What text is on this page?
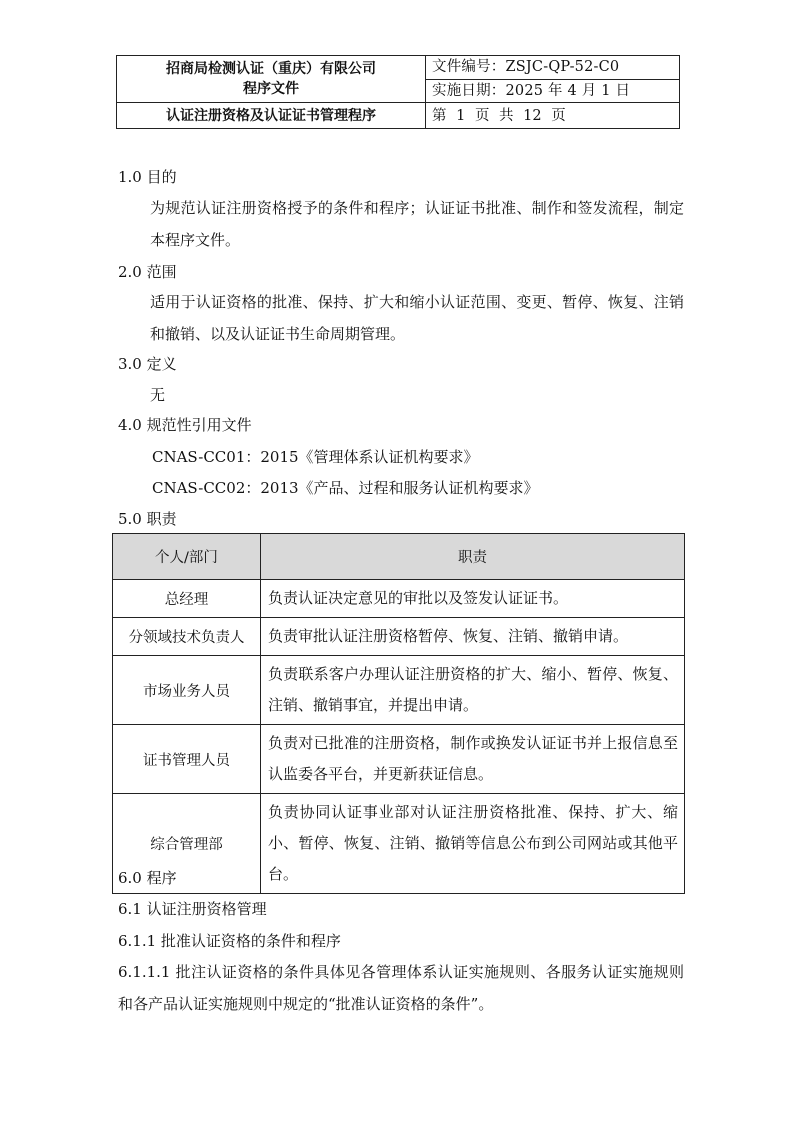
招商局检测认证（重庆）有限公司
程序文件	文件编号：ZSJC-QP-52-C0
	实施日期：2025 年 4 月 1 日
认证注册资格及认证证书管理程序	第 1 页 共 12 页
1.0 目的
为规范认证注册资格授予的条件和程序；认证证书批准、制作和签发流程，制定本程序文件。
2.0 范围
适用于认证资格的批准、保持、扩大和缩小认证范围、变更、暂停、恢复、注销和撤销、以及认证证书生命周期管理。
3.0 定义
无
4.0 规范性引用文件
CNAS-CC01：2015《管理体系认证机构要求》
CNAS-CC02：2013《产品、过程和服务认证机构要求》
5.0 职责
个人/部门	职责
总经理	负责认证决定意见的审批以及签发认证证书。
分领域技术负责人	负责审批认证注册资格暂停、恢复、注销、撤销申请。
市场业务人员	负责联系客户办理认证注册资格的扩大、缩小、暂停、恢复、注销、撤销事宜，并提出申请。
证书管理人员	负责对已批准的注册资格，制作或换发认证证书并上报信息至认监委各平台，并更新获证信息。
综合管理部	负责协同认证事业部对认证注册资格批准、保持、扩大、缩小、暂停、恢复、注销、撤销等信息公布到公司网站或其他平台。
6.0 程序
6.1 认证注册资格管理
6.1.1 批准认证资格的条件和程序
6.1.1.1 批注认证资格的条件具体见各管理体系认证实施规则、各服务认证实施规则和各产品认证实施规则中规定的“批准认证资格的条件”。
